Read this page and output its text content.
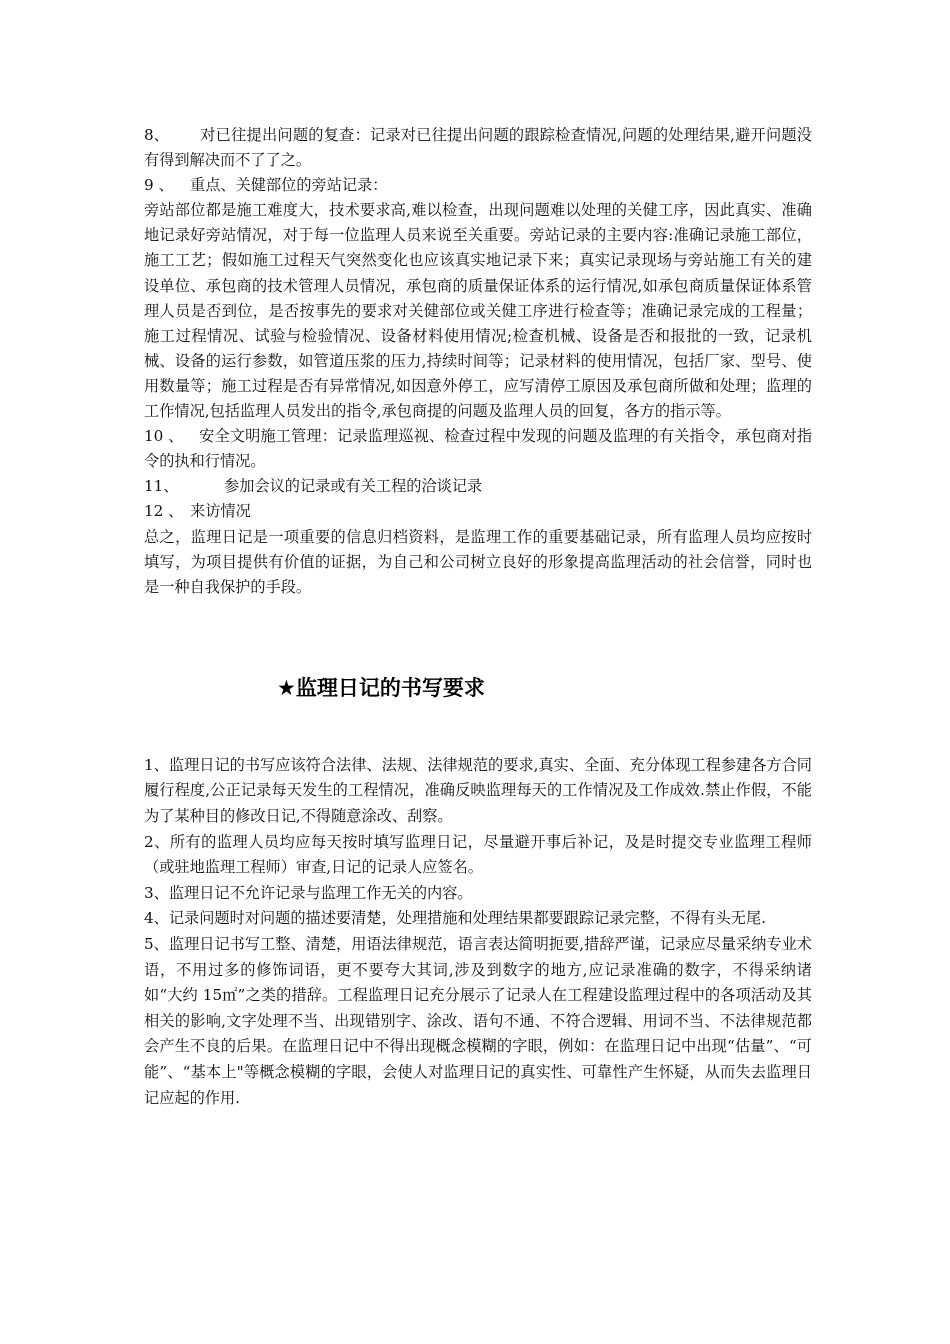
8、 对已往提出问题的复查：记录对已往提出问题的跟踪检查情况,问题的处理结果,避开问题没有得到解决而不了了之。

9 、 重点、关健部位的旁站记录：

旁站部位都是施工难度大，技术要求高,难以检查，出现问题难以处理的关健工序，因此真实、准确地记录好旁站情况，对于每一位监理人员来说至关重要。旁站记录的主要内容:准确记录施工部位，施工工艺；假如施工过程天气突然变化也应该真实地记录下来；真实记录现场与旁站施工有关的建设单位、承包商的技术管理人员情况，承包商的质量保证体系的运行情况,如承包商质量保证体系管理人员是否到位，是否按事先的要求对关健部位或关健工序进行检查等；准确记录完成的工程量；施工过程情况、试验与检验情况、设备材料使用情况;检查机械、设备是否和报批的一致，记录机械、设备的运行参数，如管道压浆的压力,持续时间等；记录材料的使用情况，包括厂家、型号、使用数量等；施工过程是否有异常情况,如因意外停工，应写清停工原因及承包商所做和处理；监理的工作情况,包括监理人员发出的指令,承包商提的问题及监理人员的回复，各方的指示等。

10 、 安全文明施工管理：记录监理巡视、检查过程中发现的问题及监理的有关指令，承包商对指令的执和行情况。

11、	参加会议的记录或有关工程的洽谈记录

12 、 来访情况

总之，监理日记是一项重要的信息归档资料，是监理工作的重要基础记录，所有监理人员均应按时填写，为项目提供有价值的证据，为自己和公司树立良好的形象提高监理活动的社会信誉，同时也是一种自我保护的手段。

★监理日记的书写要求

1、监理日记的书写应该符合法律、法规、法律规范的要求,真实、全面、充分体现工程参建各方合同履行程度,公正记录每天发生的工程情况，准确反映监理每天的工作情况及工作成效.禁止作假，不能为了某种目的修改日记,不得随意涂改、刮察。

2、所有的监理人员均应每天按时填写监理日记，尽量避开事后补记，及是时提交专业监理工程师（或驻地监理工程师）审查,日记的记录人应签名。

3、监理日记不允许记录与监理工作无关的内容。

4、记录问题时对问题的描述要清楚，处理措施和处理结果都要跟踪记录完整，不得有头无尾.

5、监理日记书写工整、清楚，用语法律规范，语言表达简明扼要,措辞严谨，记录应尽量采纳专业术语，不用过多的修饰词语，更不要夸大其词,涉及到数字的地方,应记录准确的数字，不得采纳诸如“大约 15㎡”之类的措辞。工程监理日记充分展示了记录人在工程建设监理过程中的各项活动及其相关的影响,文字处理不当、出现错别字、涂改、语句不通、不符合逻辑、用词不当、不法律规范都会产生不良的后果。在监理日记中不得出现概念模糊的字眼，例如：在监理日记中出现“估量”、“可能”、“基本上"等概念模糊的字眼，会使人对监理日记的真实性、可靠性产生怀疑，从而失去监理日记应起的作用.
